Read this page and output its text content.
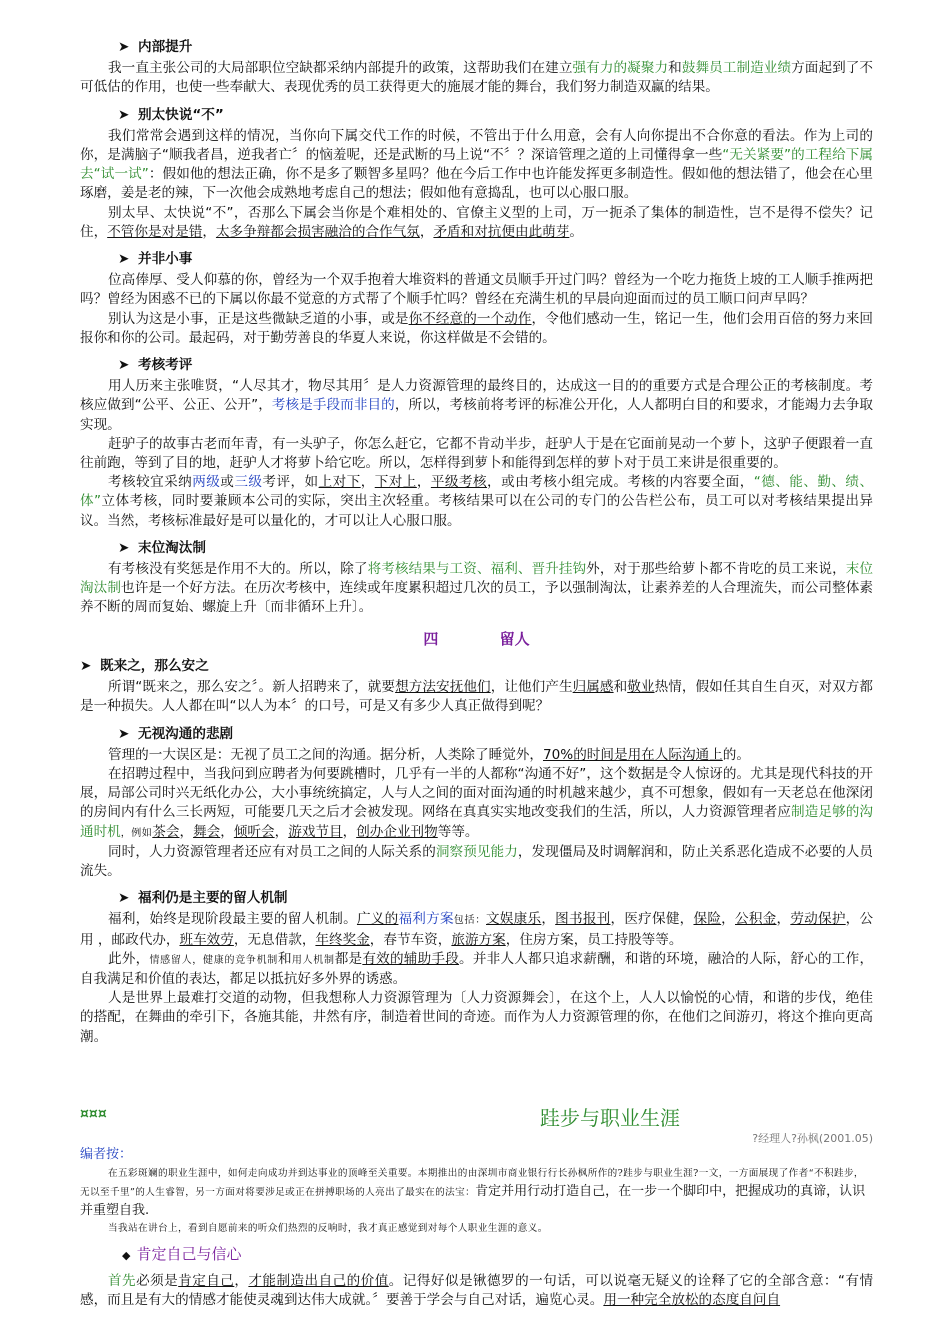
➤ 内部提升

我一直主张公司的大局部职位空缺都采纳内部提升的政策，这帮助我们在建立强有力的凝聚力和鼓舞员工制造业绩方面起到了不可低估的作用，也使一些奉献大、表现优秀的员工获得更大的施展才能的舞台，我们努力制造双赢的结果。

➤ 别太快说“不”

我们常常会遇到这样的情况，当你向下属交代工作的时候，不管出于什么用意，会有人向你提出不合你意的看法。作为上司的你，是满脑子“顺我者昌，逆我者亡〞的恼羞呢，还是武断的马上说“不〞？深谙管理之道的上司懂得拿一些“无关紧要”的工程给下属去“试一试”：假如他的想法正确，你不是多了颗智多星吗？他在今后工作中也许能发挥更多制造性。假如他的想法错了，他会在心里琢磨，姜是老的辣，下一次他会成熟地考虑自己的想法；假如他有意捣乱，也可以心服口服。

别太早、太快说“不”，否那么下属会当你是个难相处的、官僚主义型的上司，万一扼杀了集体的制造性，岂不是得不偿失？记住，不管你是对是错，太多争辩都会损害融洽的合作气氛，矛盾和对抗便由此萌芽。

➤ 并非小事

位高俸厚、受人仰慕的你，曾经为一个双手抱着大堆资料的普通文员顺手开过门吗？曾经为一个吃力拖货上坡的工人顺手推两把吗？曾经为困惑不已的下属以你最不觉意的方式帮了个顺手忙吗？曾经在充满生机的早晨向迎面而过的员工顺口问声早吗？

别认为这是小事，正是这些微缺乏道的小事，或是你不经意的一个动作，令他们感动一生，铭记一生，他们会用百倍的努力来回报你和你的公司。最起码，对于勤劳善良的华夏人来说，你这样做是不会错的。

➤ 考核考评

用人历来主张唯贤，“人尽其才，物尽其用〞是人力资源管理的最终目的，达成这一目的的重要方式是合理公正的考核制度。考核应做到“公平、公正、公开”，考核是手段而非目的，所以，考核前将考评的标准公开化，人人都明白目的和要求，才能竭力去争取实现。

赶驴子的故事古老而年青，有一头驴子，你怎么赶它，它都不肯动半步，赶驴人于是在它面前晃动一个萝卜，这驴子便跟着一直往前跑，等到了目的地，赶驴人才将萝卜给它吃。所以，怎样得到萝卜和能得到怎样的萝卜对于员工来讲是很重要的。

考核较宜采纳两级或三级考评，如上对下，下对上，平级考核，或由考核小组完成。考核的内容要全面，“德、能、勤、绩、体”立体考核，同时要兼顾本公司的实际，突出主次轻重。考核结果可以在公司的专门的公告栏公布，员工可以对考核结果提出异议。当然，考核标准最好是可以量化的，才可以让人心服口服。

➤ 末位淘汰制

有考核没有奖惩是作用不大的。所以，除了将考核结果与工资、福利、晋升挂钩外，对于那些给萝卜都不肯吃的员工来说，末位淘汰制也许是一个好方法。在历次考核中，连续或年度累积超过几次的员工，予以强制淘汰，让素养差的人合理流失，而公司整体素养不断的周而复始、螺旋上升〔而非循环上升〕。

四 留人
➤ 既来之，那么安之

所谓“既来之，那么安之〞。新人招聘来了，就要想方法安抚他们，让他们产生归属感和敬业热情，假如任其自生自灭，对双方都是一种损失。人人都在叫“以人为本〞的口号，可是又有多少人真正做得到呢？

➤ 无视沟通的悲剧

管理的一大误区是：无视了员工之间的沟通。据分析，人类除了睡觉外，70%的时间是用在人际沟通上的。

在招聘过程中，当我问到应聘者为何要跳槽时，几乎有一半的人都称“沟通不好”，这个数据是令人惊讶的。尤其是现代科技的开展，局部公司时兴无纸化办公，大小事统统搞定，人与人之间的面对面沟通的时机越来越少，真不可想象，假如有一天老总在他深闭的房间内有什么三长两短，可能要几天之后才会被发现。网络在真真实实地改变我们的生活，所以，人力资源管理者应制造足够的沟通时机，例如茶会，舞会，倾听会，游戏节目，创办企业刊物等等。

同时，人力资源管理者还应有对员工之间的人际关系的洞察预见能力，发现僵局及时调解润和，防止关系恶化造成不必要的人员流失。

➤ 福利仍是主要的留人机制

福利，始终是现阶段最主要的留人机制。广义的福利方案包括：文娱康乐，图书报刊，医疗保健，保险，公积金，劳动保护，公用 ，邮政代办，班车效劳，无息借款，年终奖金，春节车资，旅游方案，住房方案，员工持股等等。

此外，情感留人，健康的竞争机制和用人机制都是有效的辅助手段。并非人人都只追求薪酬，和谐的环境，融洽的人际，舒心的工作，自我满足和价值的表达，都足以抵抗好多外界的诱惑。

人是世界上最难打交道的动物，但我想称人力资源管理为〔人力资源舞会〕，在这个上，人人以愉悦的心情，和谐的步伐，绝佳的搭配，在舞曲的牵引下，各施其能，井然有序，制造着世间的奇迹。而作为人力资源管理的你，在他们之间游刃，将这个推向更高潮。

¤¤¤	跬步与职业生涯
?经理人?孙枫(2001.05)
编者按：
在五彩斑斓的职业生涯中，如何走向成功并到达事业的顶峰至关重要。本期推出的由深圳市商业银行行长孙枫所作的?跬步与职业生涯?一文，一方面展现了作者“不积跬步，无以至千里”的人生睿智，另一方面对将要涉足或正在拼搏职场的人亮出了最实在的法宝：肯定并用行动打造自己，在一步一个脚印中，把握成功的真谛，认识并重塑自我.
当我站在讲台上，看到自愿前来的听众们热烈的反响时，我才真正感觉到对每个人职业生涯的意义。
◆ 肯定自己与信心

首先必须是肯定自己，才能制造出自己的价值。记得好似是锹德罗的一句话，可以说毫无疑义的诠释了它的全部含意：“有情感，而且是有大的情感才能使灵魂到达伟大成就。〞要善于学会与自己对话，遍览心灵。用一种完全放松的态度自问自
